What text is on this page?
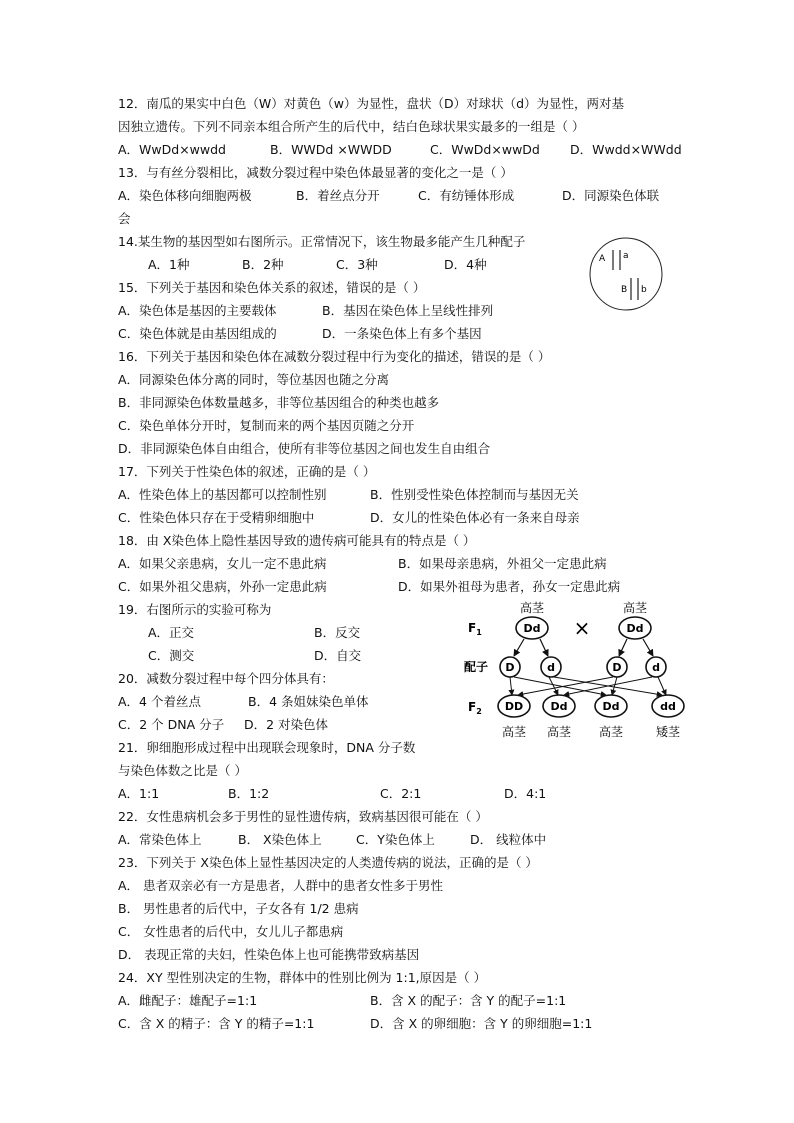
12．南瓜的果实中白色（W）对黄色（w）为显性，盘状（D）对球状（d）为显性，两对基
因独立遗传。下列不同亲本组合所产生的后代中，结白色球状果实最多的一组是（ ）
A．WwDd×wwdd	B．WWDd ×WWDD	C．WwDd×wwDd D．Wwdd×WWdd
13．与有丝分裂相比，减数分裂过程中染色体最显著的变化之一是（ ）
A．染色体移向细胞两极	B．着丝点分开	C．有纺锤体形成	D．同源染色体联
会
14.某生物的基因型如右图所示。正常情况下，该生物最多能产生几种配子
A．1种	B．2种	C．3种	D．4种	A a
B b
15．下列关于基因和染色体关系的叙述，错误的是（ ）
A．染色体是基因的主要载体	B．基因在染色体上呈线性排列
C．染色体就是由基因组成的	D．一条染色体上有多个基因
16．下列关于基因和染色体在减数分裂过程中行为变化的描述，错误的是（ ）
A．同源染色体分离的同时，等位基因也随之分离
B．非同源染色体数量越多，非等位基因组合的种类也越多
C．染色单体分开时，复制而来的两个基因页随之分开
D．非同源染色体自由组合，使所有非等位基因之间也发生自由组合
17．下列关于性染色体的叙述，正确的是（ ）
A．性染色体上的基因都可以控制性别	B．性别受性染色体控制而与基因无关
C．性染色体只存在于受精卵细胞中	D．女儿的性染色体必有一条来自母亲
18．由 X染色体上隐性基因导致的遗传病可能具有的特点是（ ）
A．如果父亲患病，女儿一定不患此病	B．如果母亲患病，外祖父一定患此病
C．如果外祖父患病，外孙一定患此病	D．如果外祖母为患者，孙女一定患此病
19．右图所示的实验可称为
A．正交	B．反交
C．测交	D．自交
20．减数分裂过程中每个四分体具有：
A．4 个着丝点	B．4 条姐妹染色单体
C．2 个 DNA 分子 D．2 对染色体
21．卵细胞形成过程中出现联会现象时，DNA 分子数
与染色体数之比是（ ）
A．1:1	B．1:2	C．2:1	D．4:1
22．女性患病机会多于男性的显性遗传病，致病基因很可能在（ ）
A．常染色体上	B． X染色体上	C．Y染色体上	D． 线粒体中
23．下列关于 X染色体上显性基因决定的人类遗传病的说法，正确的是（ ）
A． 患者双亲必有一方是患者，人群中的患者女性多于男性
B． 男性患者的后代中，子女各有 1/2 患病
C． 女性患者的后代中，女儿儿子都患病
D． 表现正常的夫妇，性染色体上也可能携带致病基因
24．XY 型性别决定的生物，群体中的性别比例为 1:1,原因是（ ）
A．雌配子：雄配子=1:1	B．含 X 的配子：含 Y 的配子=1:1
C．含 X 的精子：含 Y 的精子=1:1	D．含 X 的卵细胞：含 Y 的卵细胞=1:1
高茎	高茎
$F_1$	Dd ×	Dd
配子 D	d	D	d
$F_2$ DD Dd	Dd	dd
高茎 高茎 高茎	矮茎
